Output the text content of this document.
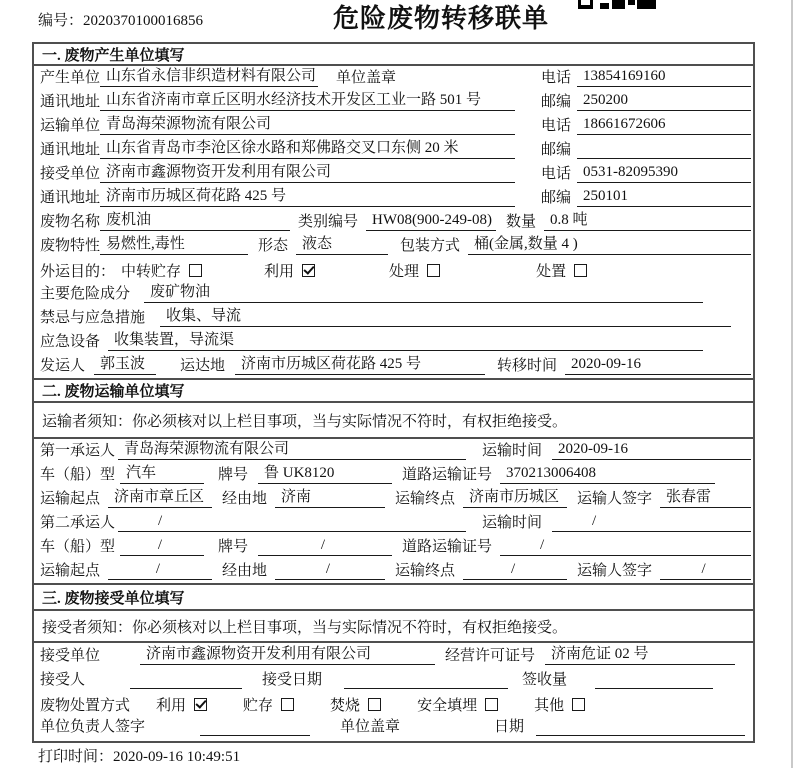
编号：2020370100016856	危险废物转移联单
一. 废物产生单位填写
产生单位 山东省永信非织造材料有限公司 单位盖章	电话 13854169160
通讯地址 山东省济南市章丘区明水经济技术开发区工业一路 501 号	邮编 250200
运输单位 青岛海荣源物流有限公司	电话 18661672606
通讯地址 山东省青岛市李沧区徐水路和郑佛路交叉口东侧 20 米	邮编
接受单位 济南市鑫源物资开发利用有限公司	电话 0531-82095390
通讯地址 济南市历城区荷花路 425 号	邮编 250101
废物名称 废机油	类别编号 HW08(900-249-08) 数量 0.8 吨
废物特性 易燃性,毒性	形态 液态	包装方式 桶(金属,数量 4 )
外运目的： 中转贮存	利用	处理	处置
主要危险成分	废矿物油
禁忌与应急措施	收集、导流
应急设备 收集装置，导流渠
发运人 郭玉波	运达地	济南市历城区荷花路 425 号	转移时间 2020-09-16
二. 废物运输单位填写
运输者须知：你必须核对以上栏目事项，当与实际情况不符时，有权拒绝接受。
第一承运人 青岛海荣源物流有限公司	运输时间	2020-09-16
车（船）型 汽车	牌号	鲁 UK8120	道路运输证号 370213006408
运输起点 济南市章丘区	经由地 济南	运输终点 济南市历城区	运输人签字 张春雷
第二承运人	/	运输时间	/
车（船）型	/	牌号	/	道路运输证号	/
运输起点	/	经由地	/	运输终点	/	运输人签字	/
三. 废物接受单位填写
接受者须知：你必须核对以上栏目事项，当与实际情况不符时，有权拒绝接受。
接受单位	济南市鑫源物资开发利用有限公司	经营许可证号	济南危证 02 号
接受人	接受日期	签收量
废物处置方式 利用	贮存	焚烧	安全填埋	其他
单位负责人签字	单位盖章	日期
打印时间：2020-09-16 10:49:51
